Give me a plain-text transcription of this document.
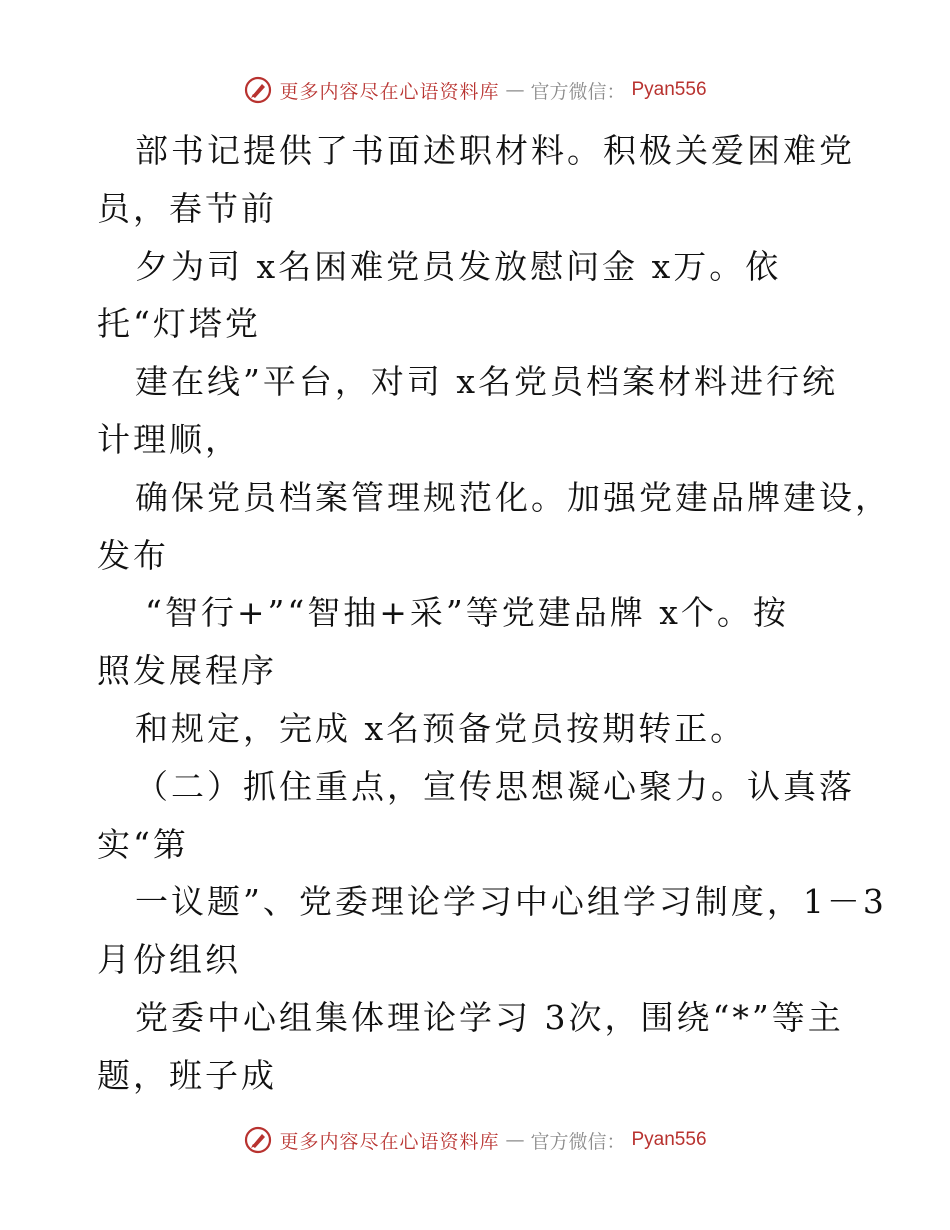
更多内容尽在心语资料库 — 官方微信： Pyan556
部书记提供了书面述职材料。积极关爱困难党
员，春节前
夕为司 x名困难党员发放慰问金 x万。依
托“灯塔党
建在线”平台，对司 x名党员档案材料进行统
计理顺，
确保党员档案管理规范化。加强党建品牌建设，
发布
“智行+”“智抽+采”等党建品牌 x个。按
照发展程序
和规定，完成 x名预备党员按期转正。
（二）抓住重点，宣传思想凝心聚力。认真落
实“第
一议题”、党委理论学习中心组学习制度，1－3
月份组织
党委中心组集体理论学习 3次，围绕“*”等主
题，班子成
更多内容尽在心语资料库 — 官方微信： Pyan556
